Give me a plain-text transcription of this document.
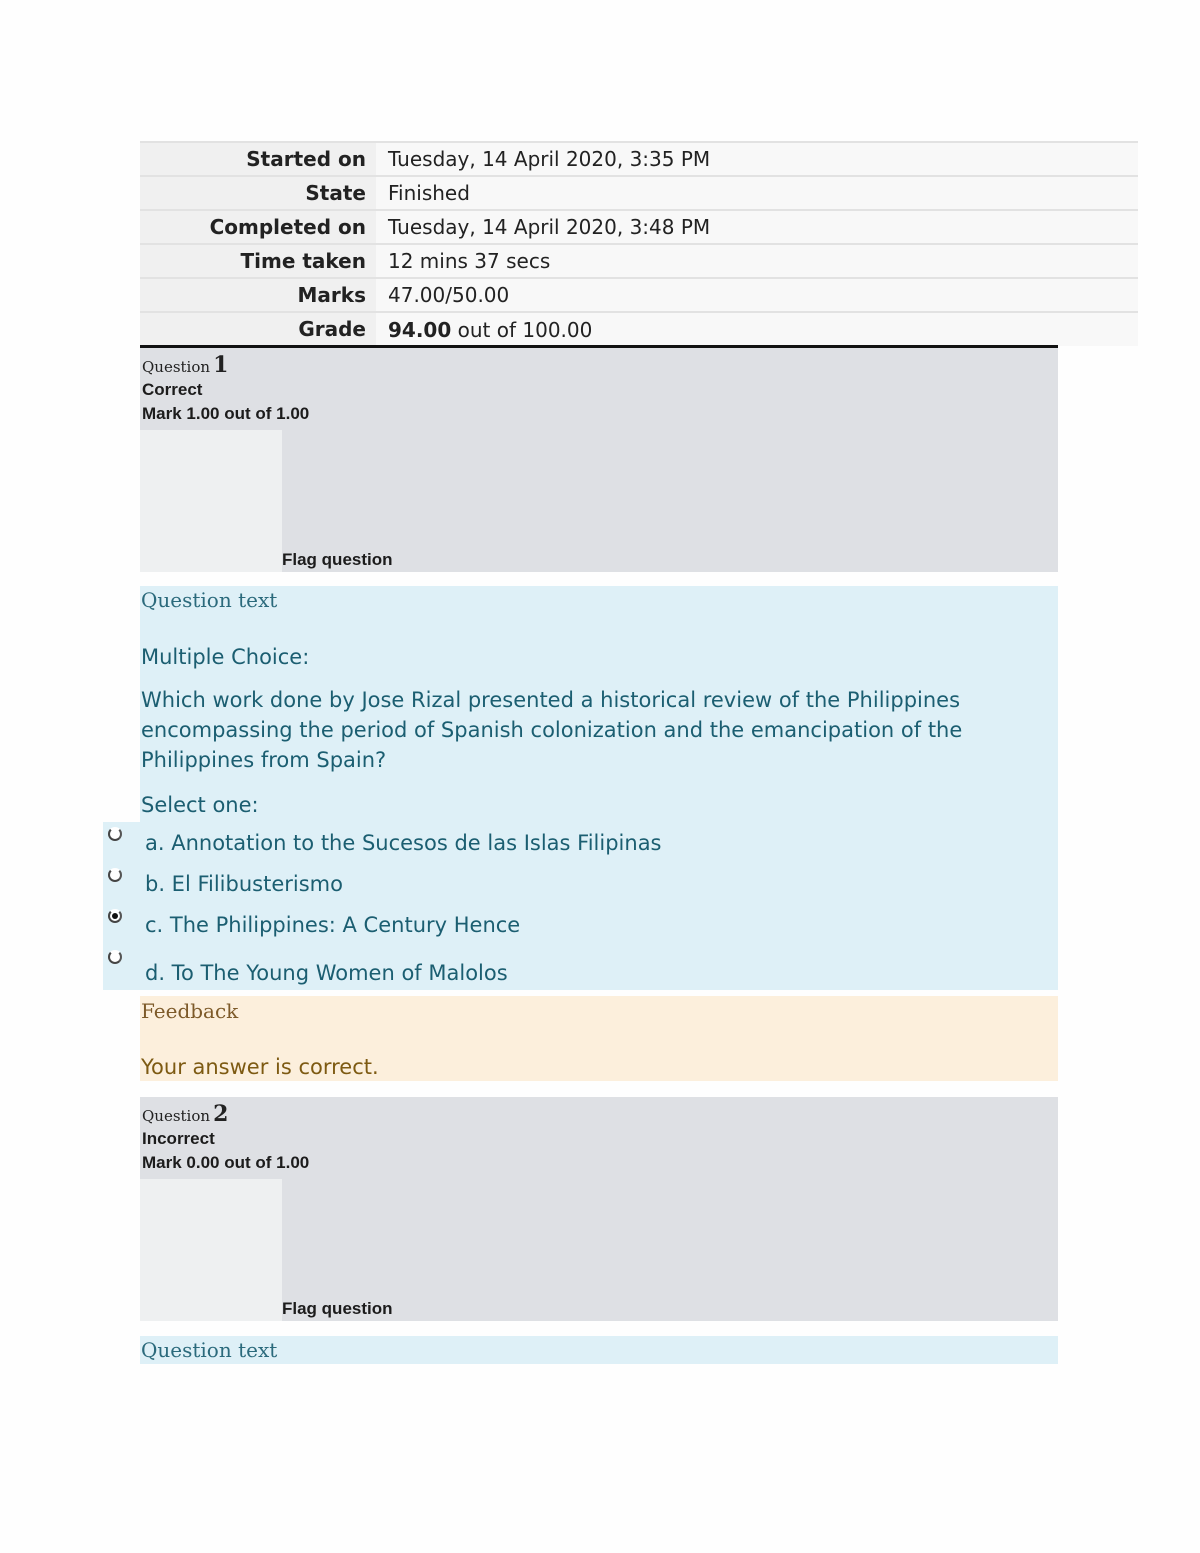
Started on	Tuesday, 14 April 2020, 3:35 PM
State	Finished
Completed on	Tuesday, 14 April 2020, 3:48 PM
Time taken	12 mins 37 secs
Marks	47.00/50.00
Grade	94.00 out of 100.00
Question 1
Correct
Mark 1.00 out of 1.00
Flag question
Question text
Multiple Choice:
Which work done by Jose Rizal presented a historical review of the Philippines encompassing the period of Spanish colonization and the emancipation of the Philippines from Spain?
Select one:
a. Annotation to the Sucesos de las Islas Filipinas
b. El Filibusterismo
c. The Philippines: A Century Hence
d. To The Young Women of Malolos
Feedback
Your answer is correct.
Question 2
Incorrect
Mark 0.00 out of 1.00
Flag question
Question text
